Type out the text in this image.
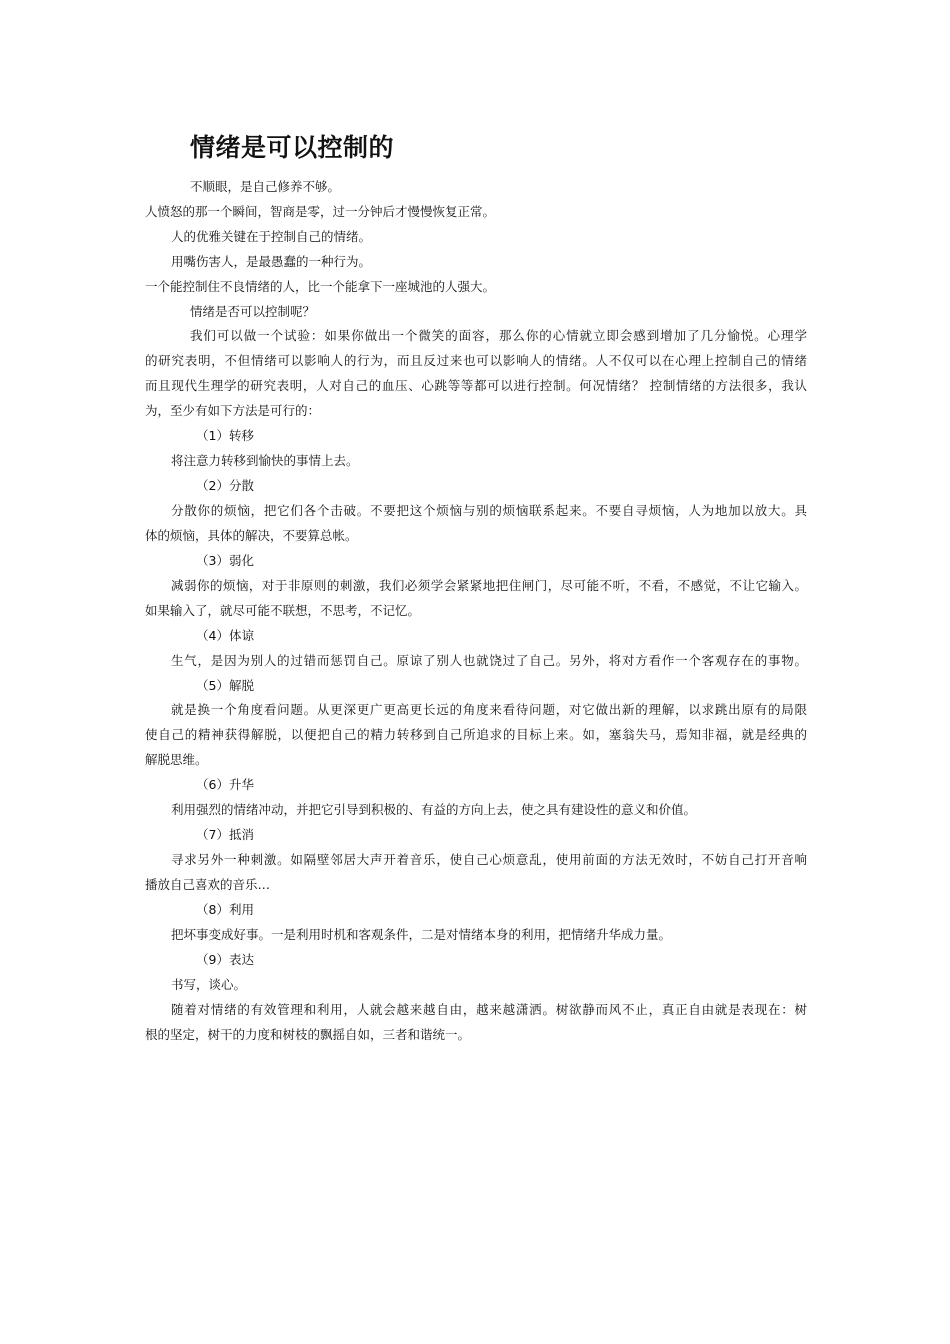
情绪是可以控制的
不顺眼，是自己修养不够。
人愤怒的那一个瞬间，智商是零，过一分钟后才慢慢恢复正常。
人的优雅关键在于控制自己的情绪。
用嘴伤害人，是最愚蠢的一种行为。
一个能控制住不良情绪的人，比一个能拿下一座城池的人强大。
情绪是否可以控制呢？
我们可以做一个试验：如果你做出一个微笑的面容，那么你的心情就立即会感到增加了几分愉悦。心理学
的研究表明，不但情绪可以影响人的行为，而且反过来也可以影响人的情绪。人不仅可以在心理上控制自己的情绪
而且现代生理学的研究表明，人对自己的血压、心跳等等都可以进行控制。何况情绪？ 控制情绪的方法很多，我认
为，至少有如下方法是可行的：
（1）转移
将注意力转移到愉快的事情上去。
（2）分散
分散你的烦恼，把它们各个击破。不要把这个烦恼与别的烦恼联系起来。不要自寻烦恼，人为地加以放大。具
体的烦恼，具体的解决，不要算总帐。
（3）弱化
减弱你的烦恼，对于非原则的刺激，我们必须学会紧紧地把住闸门，尽可能不听，不看，不感觉，不让它输入。
如果输入了，就尽可能不联想，不思考，不记忆。
（4）体谅
生气，是因为别人的过错而惩罚自己。原谅了别人也就饶过了自己。另外，将对方看作一个客观存在的事物。
（5）解脱
就是换一个角度看问题。从更深更广更高更长远的角度来看待问题，对它做出新的理解，以求跳出原有的局限
使自己的精神获得解脱，以便把自己的精力转移到自己所追求的目标上来。如，塞翁失马，焉知非福，就是经典的
解脱思维。
（6）升华
利用强烈的情绪冲动，并把它引导到积极的、有益的方向上去，使之具有建设性的意义和价值。
（7）抵消
寻求另外一种刺激。如隔壁邻居大声开着音乐，使自己心烦意乱，使用前面的方法无效时，不妨自己打开音响
播放自己喜欢的音乐…
（8）利用
把坏事变成好事。一是利用时机和客观条件，二是对情绪本身的利用，把情绪升华成力量。
（9）表达
书写，谈心。
随着对情绪的有效管理和利用，人就会越来越自由，越来越潇洒。树欲静而风不止，真正自由就是表现在：树
根的坚定，树干的力度和树枝的飘摇自如，三者和谐统一。
